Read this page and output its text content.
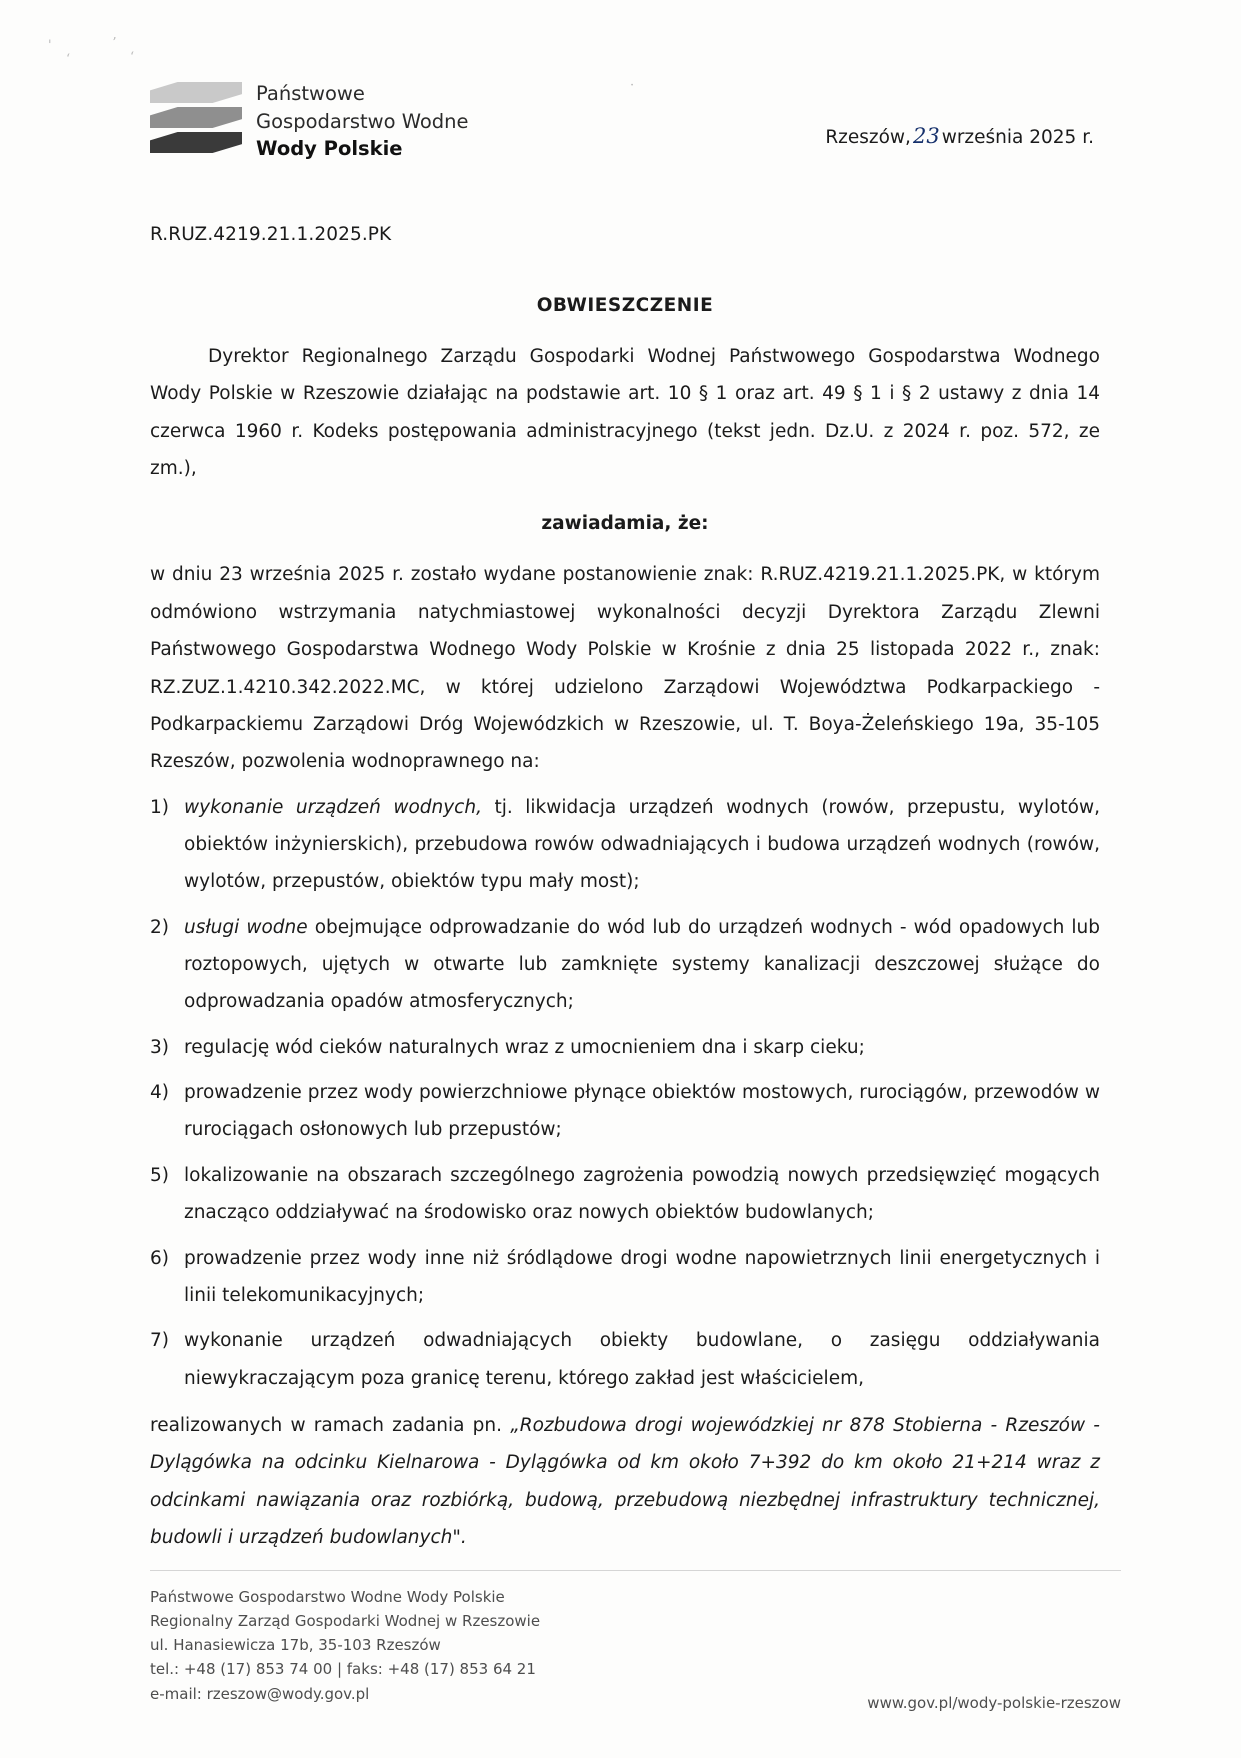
'
ʻ
ʼ
ʻ
·
Państwowe
Gospodarstwo Wodne
Wody Polskie	Rzeszów,23 września 2025 r.
R.RUZ.4219.21.1.2025.PK
OBWIESZCZENIE

Dyrektor Regionalnego Zarządu Gospodarki Wodnej Państwowego Gospodarstwa Wodnego Wody Polskie w Rzeszowie działając na podstawie art. 10 § 1 oraz art. 49 § 1 i § 2 ustawy z dnia 14 czerwca 1960 r. Kodeks postępowania administracyjnego (tekst jedn. Dz.U. z 2024 r. poz. 572, ze zm.),

zawiadamia, że:

w dniu 23 września 2025 r. zostało wydane postanowienie znak: R.RUZ.4219.21.1.2025.PK, w którym odmówiono wstrzymania natychmiastowej wykonalności decyzji Dyrektora Zarządu Zlewni Państwowego Gospodarstwa Wodnego Wody Polskie w Krośnie z dnia 25 listopada 2022 r., znak: RZ.ZUZ.1.4210.342.2022.MC, w której udzielono Zarządowi Województwa Podkarpackiego - Podkarpackiemu Zarządowi Dróg Wojewódzkich w Rzeszowie, ul. T. Boya-Żeleńskiego 19a, 35-105 Rzeszów, pozwolenia wodnoprawnego na:

1) wykonanie urządzeń wodnych, tj. likwidacja urządzeń wodnych (rowów, przepustu, wylotów, obiektów inżynierskich), przebudowa rowów odwadniających i budowa urządzeń wodnych (rowów, wylotów, przepustów, obiektów typu mały most);
2) usługi wodne obejmujące odprowadzanie do wód lub do urządzeń wodnych - wód opadowych lub roztopowych, ujętych w otwarte lub zamknięte systemy kanalizacji deszczowej służące do odprowadzania opadów atmosferycznych;
3) regulację wód cieków naturalnych wraz z umocnieniem dna i skarp cieku;
4) prowadzenie przez wody powierzchniowe płynące obiektów mostowych, rurociągów, przewodów w rurociągach osłonowych lub przepustów;
5) lokalizowanie na obszarach szczególnego zagrożenia powodzią nowych przedsięwzięć mogących znacząco oddziaływać na środowisko oraz nowych obiektów budowlanych;
6) prowadzenie przez wody inne niż śródlądowe drogi wodne napowietrznych linii energetycznych i linii telekomunikacyjnych;
7) wykonanie urządzeń odwadniających obiekty budowlane, o zasięgu oddziaływania niewykraczającym poza granicę terenu, którego zakład jest właścicielem,

realizowanych w ramach zadania pn. „Rozbudowa drogi wojewódzkiej nr 878 Stobierna - Rzeszów - Dylągówka na odcinku Kielnarowa - Dylągówka od km około 7+392 do km około 21+214 wraz z odcinkami nawiązania oraz rozbiórką, budową, przebudową niezbędnej infrastruktury technicznej, budowli i urządzeń budowlanych".

Państwowe Gospodarstwo Wodne Wody Polskie
Regionalny Zarząd Gospodarki Wodnej w Rzeszowie
ul. Hanasiewicza 17b, 35-103 Rzeszów
tel.: +48 (17) 853 74 00 | faks: +48 (17) 853 64 21
e-mail: rzeszow@wody.gov.pl
www.gov.pl/wody-polskie-rzeszow
